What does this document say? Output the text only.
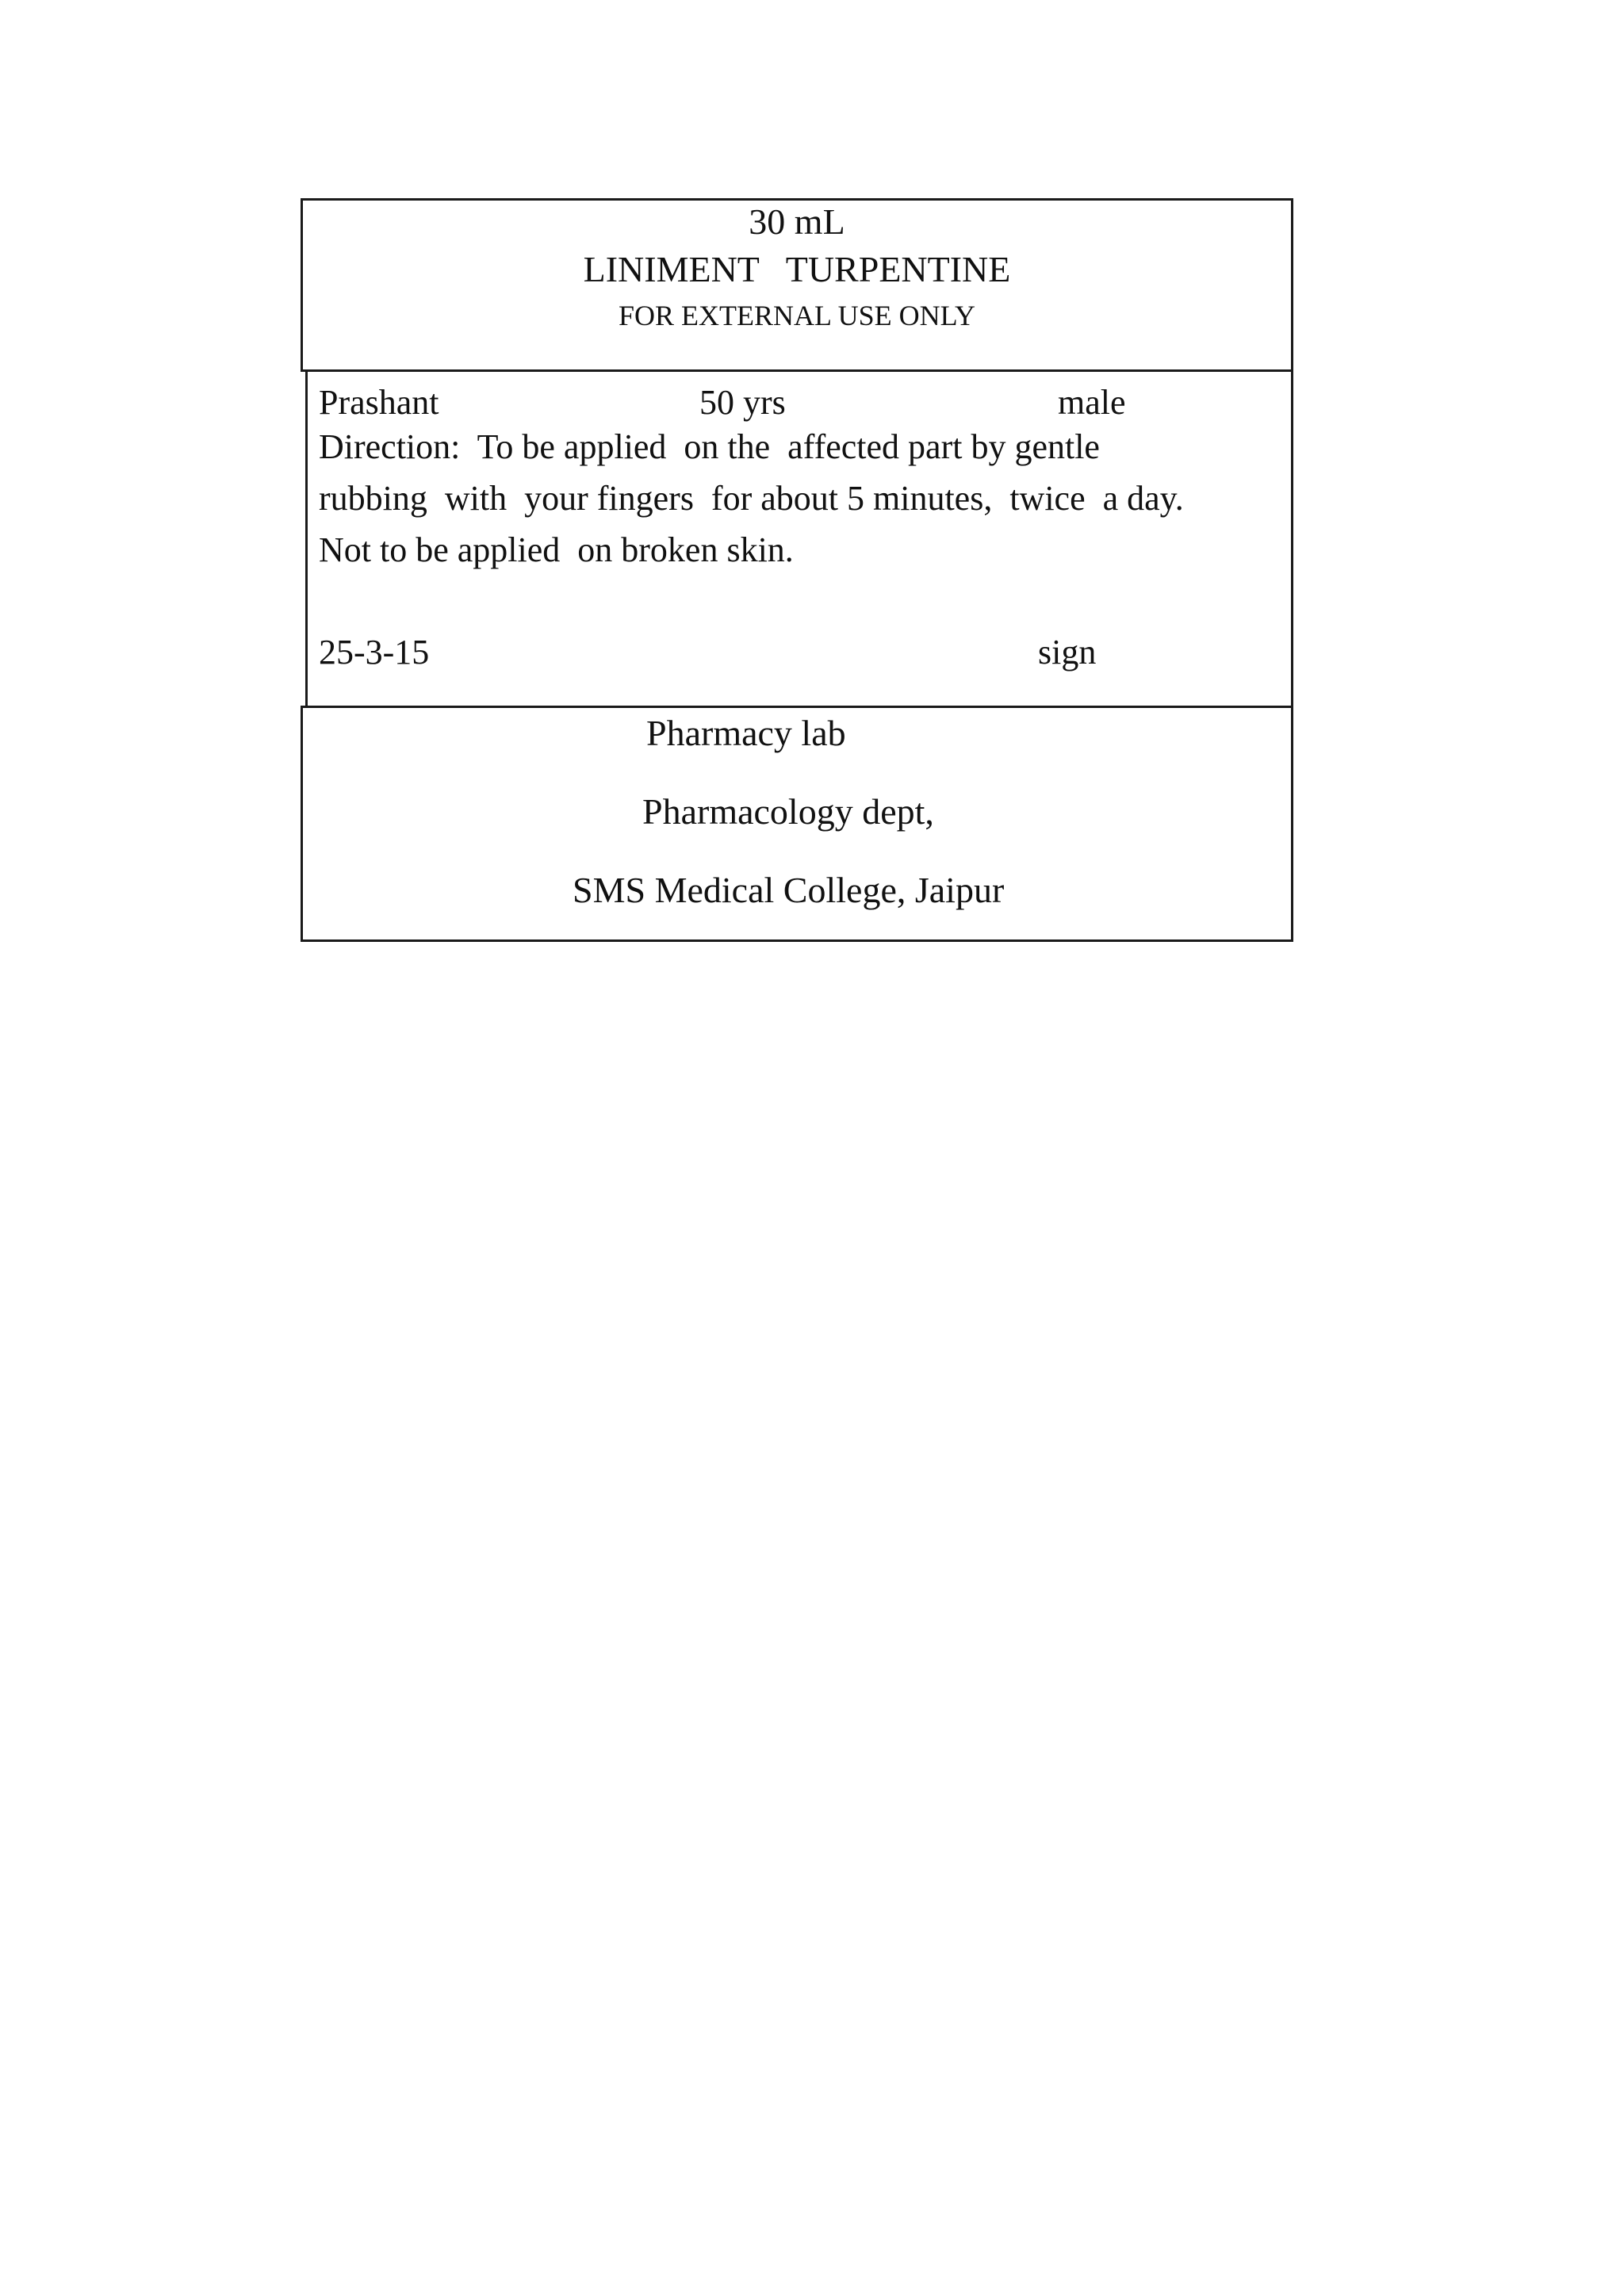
30 mL
LINIMENT   TURPENTINE
FOR EXTERNAL USE ONLY
Prashant	50 yrs	male
Direction:  To be applied  on the  affected part by gentle
rubbing  with  your fingers  for about 5 minutes,  twice  a day.
Not to be applied  on broken skin.
25-3-15	sign
Pharmacy lab
Pharmacology dept,
SMS Medical College, Jaipur
